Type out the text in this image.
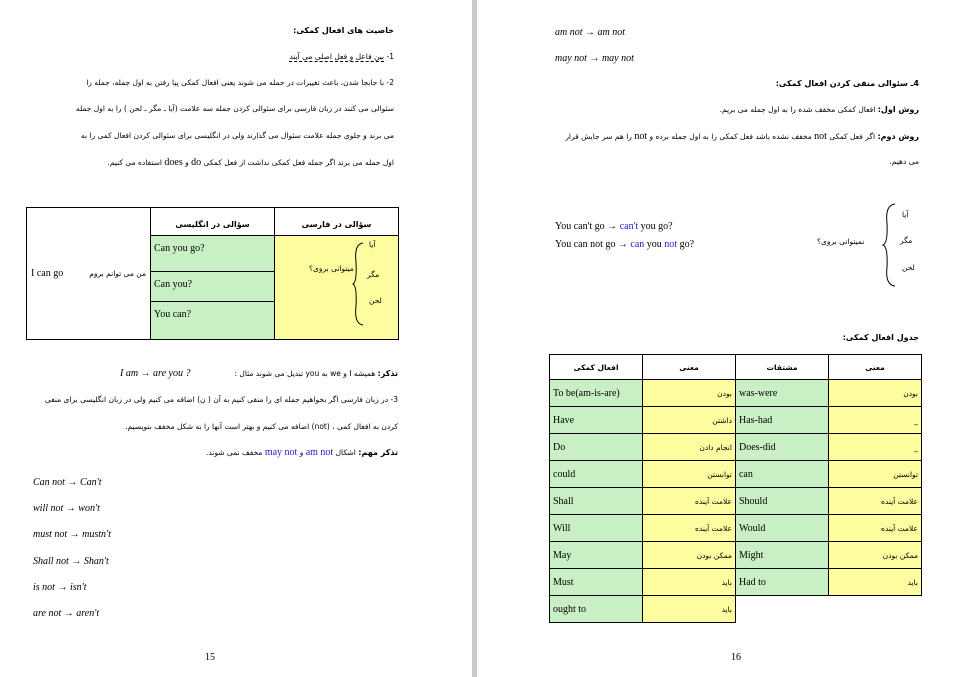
خاصیت های افعال کمکی:
1- بین فاعل و فعل اصلی می آیند
2- با جابجا شدن، باعث تغییرات در جمله می شوند یعنی افعال کمکی پیا رفتن به اول جمله، جمله را
سئوالی می کنند در زبان فارسی برای سئوالی کردن جمله سه علامت (آیا ـ مگر ـ لحن ) را به اول جمله
می برند و جلوی جمله علامت سئوال می گذارند ولی در انگلیسی برای سئوالی کردن افعال کمی را به
اول جمله می برند اگر جمله فعل کمکی نداشت از فعل کمکی do و does استفاده می کنیم.
I can go من می توانم بروم	سؤالی در انگلیسی	سؤالی در فارسی
	Can you go?	میتوانی بروی؟
آیا
مگر
لحن

	Can you?	
	You can?	
I am → are you ?	تذکر: همیشه I و we به you تبدیل می شوند مثال :
3- در زبان فارسی اگر بخواهیم جمله ای را منفی کنیم به آن ( ن) اضافه می کنیم ولی در زبان انگلیسی برای منفی
کردن به افعال کمی ، (not) اضافه می کنیم و بهتر است آنها را به شکل مخفف بنویسیم.
تذکر مهم: اشکال am not و may not مخفف نمی شوند.
Can not → Can't
will not → won't
must not → mustn't
Shall not → Shan't
is not → isn't
are not → aren't
15
am not → am not
may not → may not
4ـ سئوالی منفی کردن افعال کمکی:
روش اول: افعال کمکی مخفف شده را به اول جمله می بریم.
روش دوم: اگر فعل کمکی not مخفف نشده باشد فعل کمکی را به اول جمله برده و not را هم سر جایش قرار
می دهیم.
آیا
مگر
لحن
نمیتوانی بروی؟
You can't go → can't you go?
You can not go → can you not go?
جدول افعال کمکی:
افعال کمکی	معنی	مشتقات	معنی
To be(am-is-are)	بودن	was-were	بودن
Have	داشتن	Has-had	_
Do	انجام دادن	Does-did	_
could	توانستن	can	توانستن
Shall	علامت آینده	Should	علامت آینده
Will	علامت آینده	Would	علامت آینده
May	ممکن بودن	Might	ممکن بودن
Must	باید	Had to	باید
ought to	باید		
16
